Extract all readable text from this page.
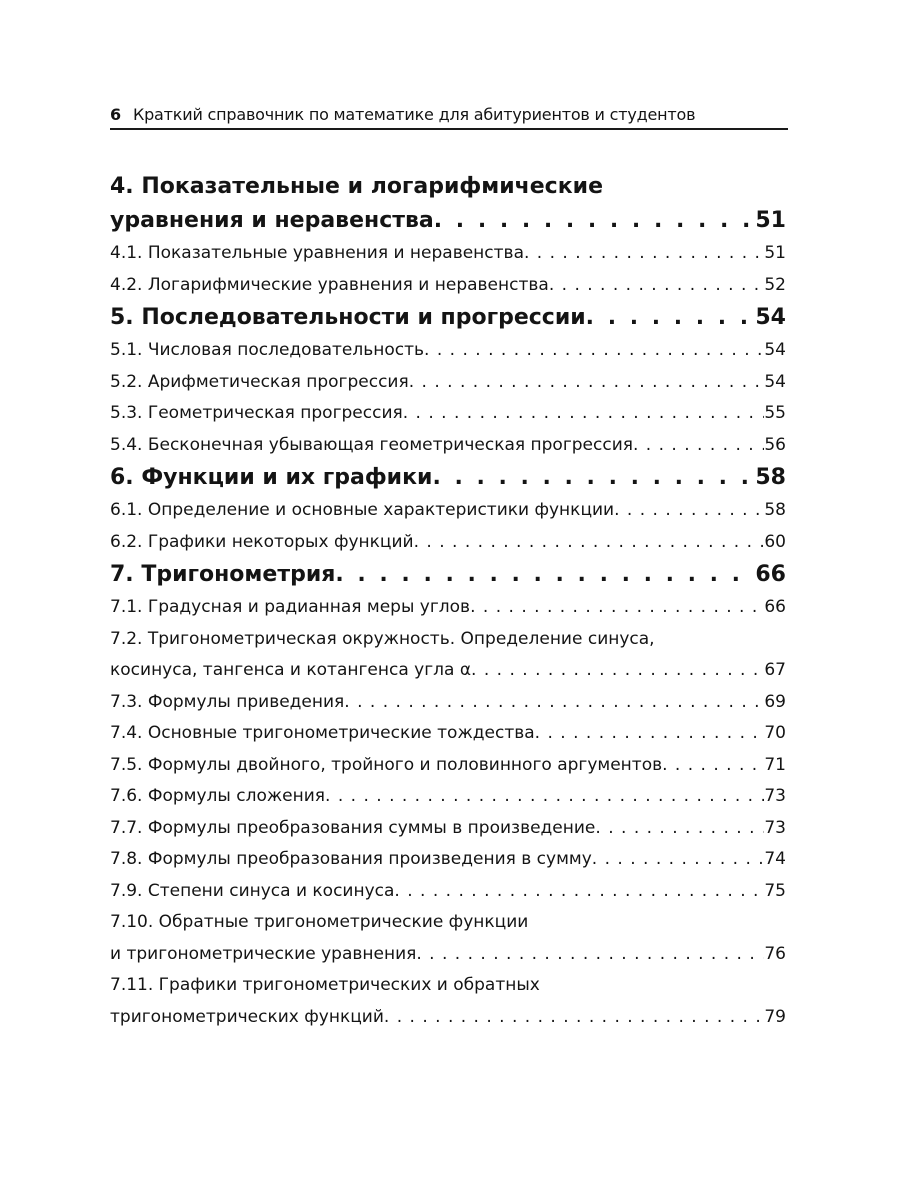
6 Краткий справочник по математике для абитуриентов и студентов
4. Показательные и логарифмические
уравнения и неравенства . . .	51
4.1. Показательные уравнения и неравенства . . .	51
4.2. Логарифмические уравнения и неравенства . . .	52
5. Последовательности и прогрессии . . .	54
5.1. Числовая последовательность . . .	54
5.2. Арифметическая прогрессия . . .	54
5.3. Геометрическая прогрессия . . .	55
5.4. Бесконечная убывающая геометрическая прогрессия . . .	56
6. Функции и их графики . . .	58
6.1. Определение и основные характеристики функции . . .	58
6.2. Графики некоторых функций . . .	60
7. Тригонометрия . . .	66
7.1. Градусная и радианная меры углов . . .	66
7.2. Тригонометрическая окружность. Определение синуса,
косинуса, тангенса и котангенса угла α . . .	67
7.3. Формулы приведения . . .	69
7.4. Основные тригонометрические тождества . . .	70
7.5. Формулы двойного, тройного и половинного аргументов . . .	71
7.6. Формулы сложения . . .	73
7.7. Формулы преобразования суммы в произведение . . .	73
7.8. Формулы преобразования произведения в сумму . . .	74
7.9. Степени синуса и косинуса . . .	75
7.10. Обратные тригонометрические функции
и тригонометрические уравнения . . .	76
7.11. Графики тригонометрических и обратных
тригонометрических функций . . .	79
